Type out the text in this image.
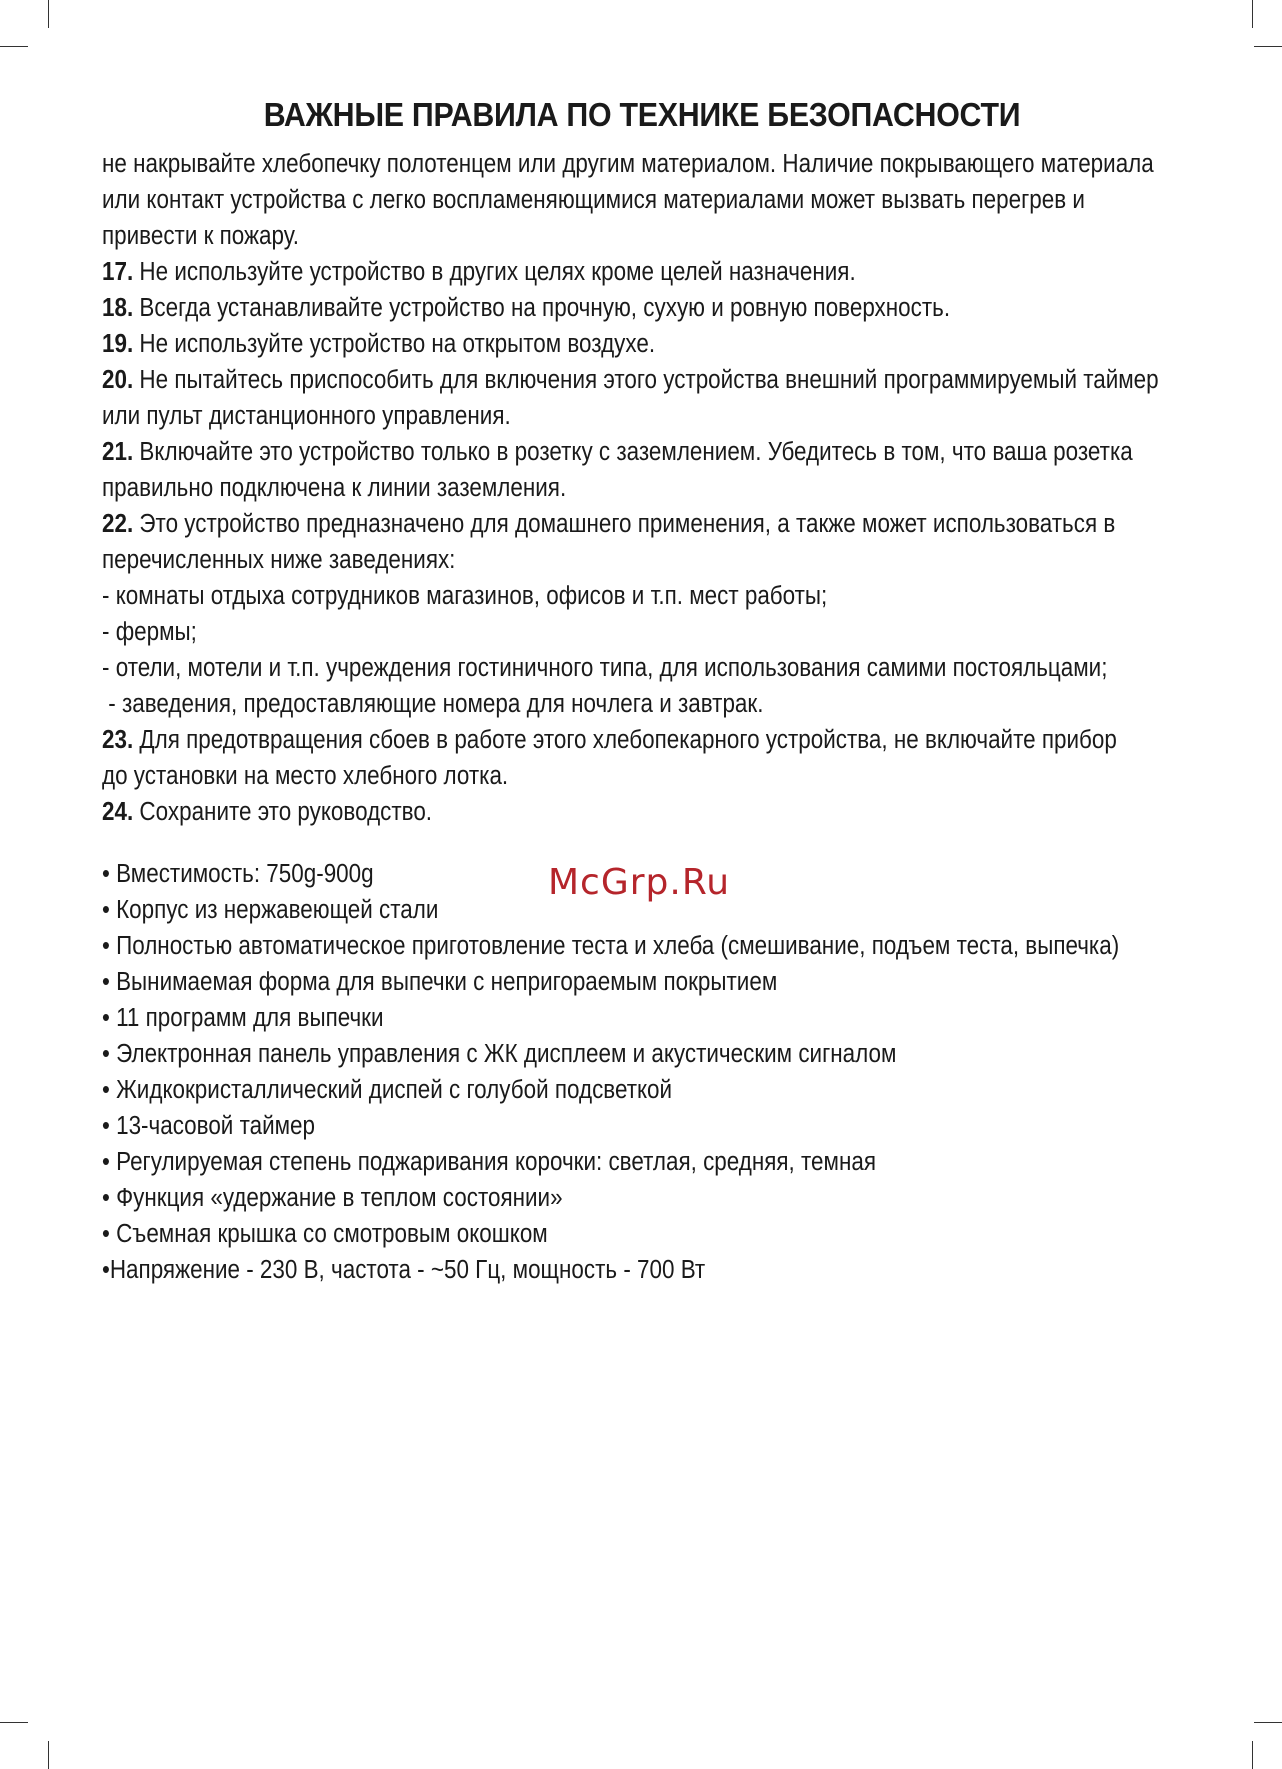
ВАЖНЫЕ ПРАВИЛА ПО ТЕХНИКЕ БЕЗОПАСНОСТИ
не накрывайте хлебопечку полотенцем или другим материалом. Наличие покрывающего материала
или контакт устройства с легко воспламеняющимися материалами может вызвать перегрев и
привести к пожару.
17. Не используйте устройство в других целях кроме целей назначения.
18. Всегда устанавливайте устройство на прочную, сухую и ровную поверхность.
19. Не используйте устройство на открытом воздухе.
20. Не пытайтесь приспособить для включения этого устройства внешний программируемый таймер
или пульт дистанционного управления.
21. Включайте это устройство только в розетку с заземлением. Убедитесь в том, что ваша розетка
правильно подключена к линии заземления.
22. Это устройство предназначено для домашнего применения, а также может использоваться в
перечисленных ниже заведениях:
- комнаты отдыха сотрудников магазинов, офисов и т.п. мест работы;
- фермы;
- отели, мотели и т.п. учреждения гостиничного типа, для использования самими постояльцами;
- заведения, предоставляющие номера для ночлега и завтрак.
23. Для предотвращения сбоев в работе этого хлебопекарного устройства, не включайте прибор
до установки на место хлебного лотка.
24. Сохраните это руководство.
• Вместимость: 750g-900g
• Корпус из нержавеющей стали
• Полностью автоматическое приготовление теста и хлеба (смешивание, подъем теста, выпечка)
• Вынимаемая форма для выпечки с непригораемым покрытием
• 11 программ для выпечки
• Электронная панель управления с ЖК дисплеем и акустическим сигналом
• Жидкокристаллический диспей с голубой подсветкой
• 13-часовой таймер
• Регулируемая степень поджаривания корочки: светлая, средняя, темная
• Функция «удержание в теплом состоянии»
• Съемная крышка со смотровым окошком
•Напряжение - 230 В, частота - ~50 Гц, мощность - 700 Вт
McGrp.Ru
